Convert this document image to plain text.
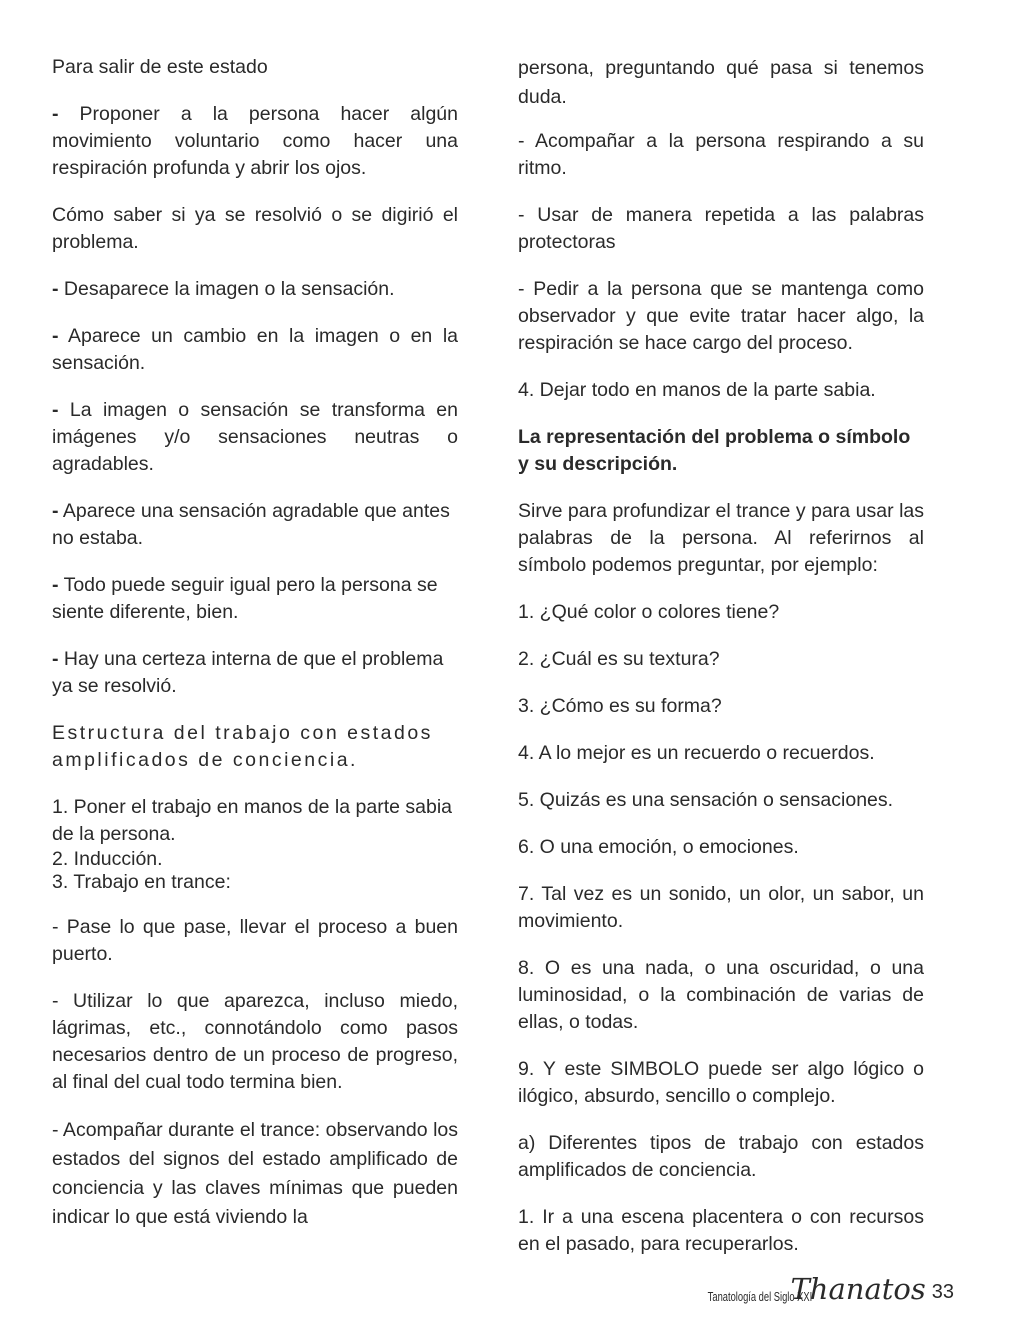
Para salir de este estado

- Proponer a la persona hacer algún movimiento voluntario como hacer una respiración profunda y abrir los ojos.

Cómo saber si ya se resolvió o se digirió el problema.

- Desaparece la imagen o la sensación.

- Aparece un cambio en la imagen o en la sensación.

- La imagen o sensación se transforma en imágenes y/o sensaciones neutras o agradables.

- Aparece una sensación agradable que antes no estaba.

- Todo puede seguir igual pero la persona se siente diferente, bien.

- Hay una certeza interna de que el problema ya se resolvió.

Estructura del trabajo con estados amplificados de conciencia.

1. Poner el trabajo en manos de la parte sabia de la persona.

2. Inducción.

3. Trabajo en trance:

- Pase lo que pase, llevar el proceso a buen puerto.

- Utilizar lo que aparezca, incluso miedo, lágrimas, etc., connotándolo como pasos necesarios dentro de un proceso de progreso, al final del cual todo termina bien.

- Acompañar durante el trance: observando los estados del signos del estado amplificado de conciencia y las claves mínimas que pueden indicar lo que está viviendo la

persona, preguntando qué pasa si tenemos duda.

- Acompañar a la persona respirando a su ritmo.

- Usar de manera repetida a las palabras protectoras

- Pedir a la persona que se mantenga como observador y que evite tratar hacer algo, la respiración se hace cargo del proceso.

4. Dejar todo en manos de la parte sabia.

La representación del problema o símbolo y su descripción.

Sirve para profundizar el trance y para usar las palabras de la persona. Al referirnos al símbolo podemos preguntar, por ejemplo:

1. ¿Qué color o colores tiene?

2. ¿Cuál es su textura?

3. ¿Cómo es su forma?

4. A lo mejor es un recuerdo o recuerdos.

5. Quizás es una sensación o sensaciones.

6. O una emoción, o emociones.

7. Tal vez es un sonido, un olor, un sabor, un movimiento.

8. O es una nada, o una oscuridad, o una luminosidad, o la combinación de varias de ellas, o todas.

9. Y este SIMBOLO puede ser algo lógico o ilógico, absurdo, sencillo o complejo.

a) Diferentes tipos de trabajo con estados amplificados de conciencia.

1. Ir a una escena placentera o con recursos en el pasado, para recuperarlos.

Tanatología del Siglo XXI
Thanatos 33
